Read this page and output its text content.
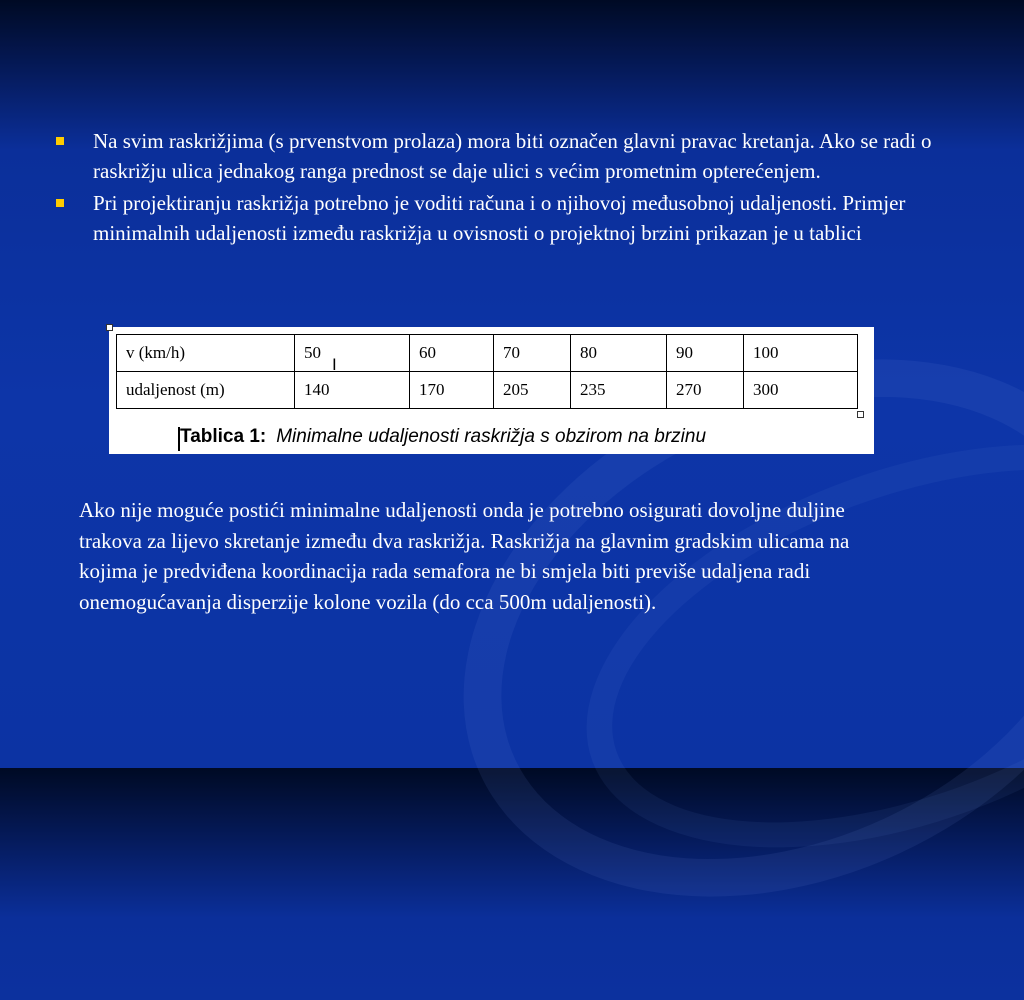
Na svim raskrižjima (s prvenstvom prolaza) mora biti označen glavni pravac kretanja. Ako se radi o raskrižju ulica jednakog ranga prednost se daje ulici s većim prometnim opterećenjem.
Pri projektiranju raskrižja potrebno je voditi računa i o njihovoj međusobnoj udaljenosti. Primjer minimalnih udaljenosti između raskrižja u ovisnosti o projektnoj brzini prikazan je u tablici
v (km/h)	50	60	70	80	90	100
udaljenost (m)	140	170	205	235	270	300
I
Tablica 1: Minimalne udaljenosti raskrižja s obzirom na brzinu

Ako nije moguće postići minimalne udaljenosti onda je potrebno osigurati dovoljne duljine trakova za lijevo skretanje između dva raskrižja. Raskrižja na glavnim gradskim ulicama na kojima je predviđena koordinacija rada semafora ne bi smjela biti previše udaljena radi onemogućavanja disperzije kolone vozila (do cca 500m udaljenosti).
